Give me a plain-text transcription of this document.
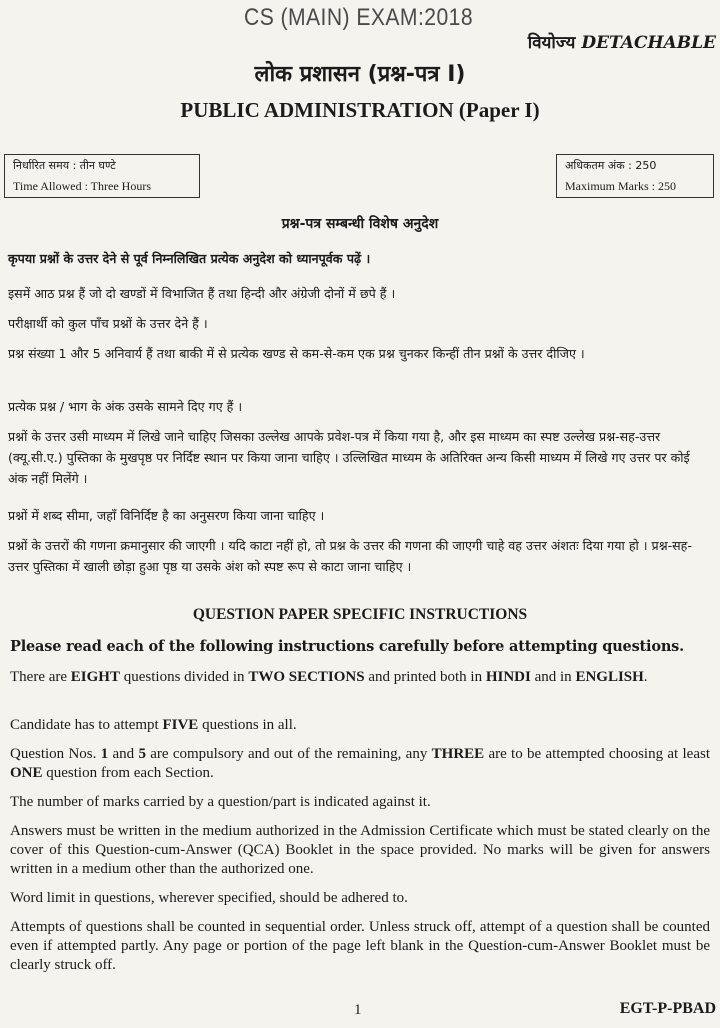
CS (MAIN) EXAM:2018
वियोज्य DETACHABLE
लोक प्रशासन (प्रश्न-पत्र I)
PUBLIC ADMINISTRATION (Paper I)
निर्धारित समय : तीन घण्टे
Time Allowed : Three Hours
अधिकतम अंक : 250
Maximum Marks : 250
प्रश्न-पत्र सम्बन्धी विशेष अनुदेश
कृपया प्रश्नों के उत्तर देने से पूर्व निम्नलिखित प्रत्येक अनुदेश को ध्यानपूर्वक पढ़ें ।
इसमें आठ प्रश्न हैं जो दो खण्डों में विभाजित हैं तथा हिन्दी और अंग्रेजी दोनों में छपे हैं ।
परीक्षार्थी को कुल पाँच प्रश्नों के उत्तर देने हैं ।
प्रश्न संख्या 1 और 5 अनिवार्य हैं तथा बाकी में से प्रत्येक खण्ड से कम-से-कम एक प्रश्न चुनकर किन्हीं तीन प्रश्नों के उत्तर दीजिए ।
प्रत्येक प्रश्न / भाग के अंक उसके सामने दिए गए हैं ।
प्रश्नों के उत्तर उसी माध्यम में लिखे जाने चाहिए जिसका उल्लेख आपके प्रवेश-पत्र में किया गया है, और इस माध्यम का स्पष्ट उल्लेख प्रश्न-सह-उत्तर (क्यू.सी.ए.) पुस्तिका के मुखपृष्ठ पर निर्दिष्ट स्थान पर किया जाना चाहिए । उल्लिखित माध्यम के अतिरिक्त अन्य किसी माध्यम में लिखे गए उत्तर पर कोई अंक नहीं मिलेंगे ।
प्रश्नों में शब्द सीमा, जहाँ विनिर्दिष्ट है का अनुसरण किया जाना चाहिए ।
प्रश्नों के उत्तरों की गणना क्रमानुसार की जाएगी । यदि काटा नहीं हो, तो प्रश्न के उत्तर की गणना की जाएगी चाहे वह उत्तर अंशतः दिया गया हो । प्रश्न-सह-उत्तर पुस्तिका में खाली छोड़ा हुआ पृष्ठ या उसके अंश को स्पष्ट रूप से काटा जाना चाहिए ।
QUESTION PAPER SPECIFIC INSTRUCTIONS
Please read each of the following instructions carefully before attempting questions.
There are EIGHT questions divided in TWO SECTIONS and printed both in HINDI and in ENGLISH.
Candidate has to attempt FIVE questions in all.
Question Nos. 1 and 5 are compulsory and out of the remaining, any THREE are to be attempted choosing at least ONE question from each Section.
The number of marks carried by a question/part is indicated against it.
Answers must be written in the medium authorized in the Admission Certificate which must be stated clearly on the cover of this Question-cum-Answer (QCA) Booklet in the space provided. No marks will be given for answers written in a medium other than the authorized one.
Word limit in questions, wherever specified, should be adhered to.
Attempts of questions shall be counted in sequential order. Unless struck off, attempt of a question shall be counted even if attempted partly. Any page or portion of the page left blank in the Question-cum-Answer Booklet must be clearly struck off.
1	EGT-P-PBAD
